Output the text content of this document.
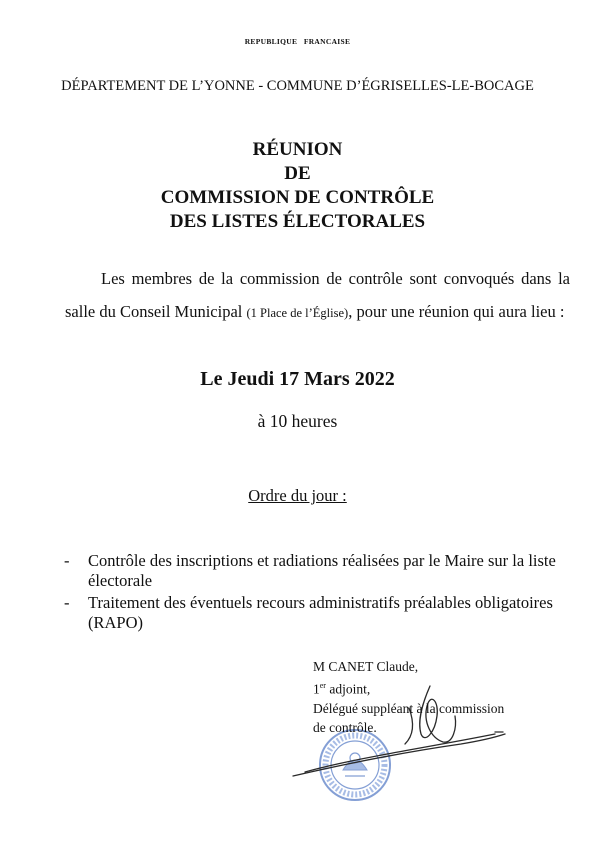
REPUBLIQUE   FRANCAISE
DÉPARTEMENT DE L’YONNE - COMMUNE D’ÉGRISELLES-LE-BOCAGE
RÉUNION
DE
COMMISSION DE CONTRÔLE
DES LISTES ÉLECTORALES
Les membres de la commission de contrôle sont convoqués dans la salle du Conseil Municipal (1 Place de l’Église), pour une réunion qui aura lieu :
Le Jeudi 17 Mars 2022
à 10 heures
Ordre du jour :
- Contrôle des inscriptions et radiations réalisées par le Maire sur la liste électorale
- Traitement des éventuels recours administratifs préalables obligatoires (RAPO)
M CANET Claude,
1er adjoint,
Délégué suppléant à la commission
de contrôle.
